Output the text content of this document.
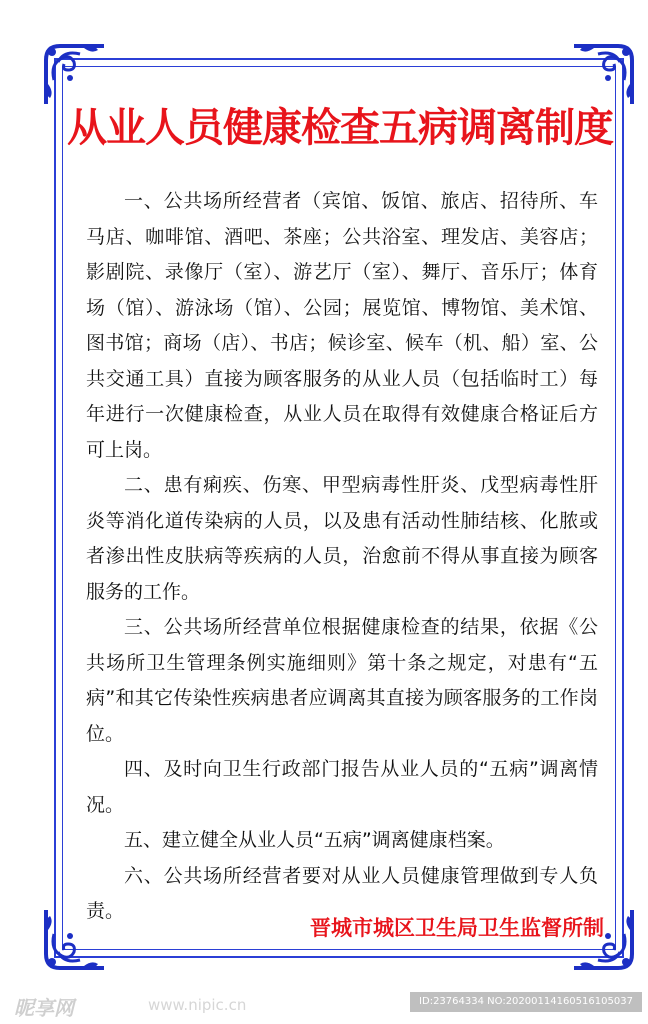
从业人员健康检查五病调离制度

一、公共场所经营者（宾馆、饭馆、旅店、招待所、车马店、咖啡馆、酒吧、茶座；公共浴室、理发店、美容店；影剧院、录像厅（室）、游艺厅（室）、舞厅、音乐厅；体育场（馆）、游泳场（馆）、公园；展览馆、博物馆、美术馆、图书馆；商场（店）、书店；候诊室、候车（机、船）室、公共交通工具）直接为顾客服务的从业人员（包括临时工）每年进行一次健康检查，从业人员在取得有效健康合格证后方可上岗。

二、患有痢疾、伤寒、甲型病毒性肝炎、戊型病毒性肝炎等消化道传染病的人员，以及患有活动性肺结核、化脓或者渗出性皮肤病等疾病的人员，治愈前不得从事直接为顾客服务的工作。

三、公共场所经营单位根据健康检查的结果，依据《公共场所卫生管理条例实施细则》第十条之规定，对患有“五病”和其它传染性疾病患者应调离其直接为顾客服务的工作岗位。

四、及时向卫生行政部门报告从业人员的“五病”调离情况。

五、建立健全从业人员“五病”调离健康档案。

六、公共场所经营者要对从业人员健康管理做到专人负责。

晋城市城区卫生局卫生监督所制
昵享网	www.nipic.cn	ID:23764334 NO:20200114160516105037
